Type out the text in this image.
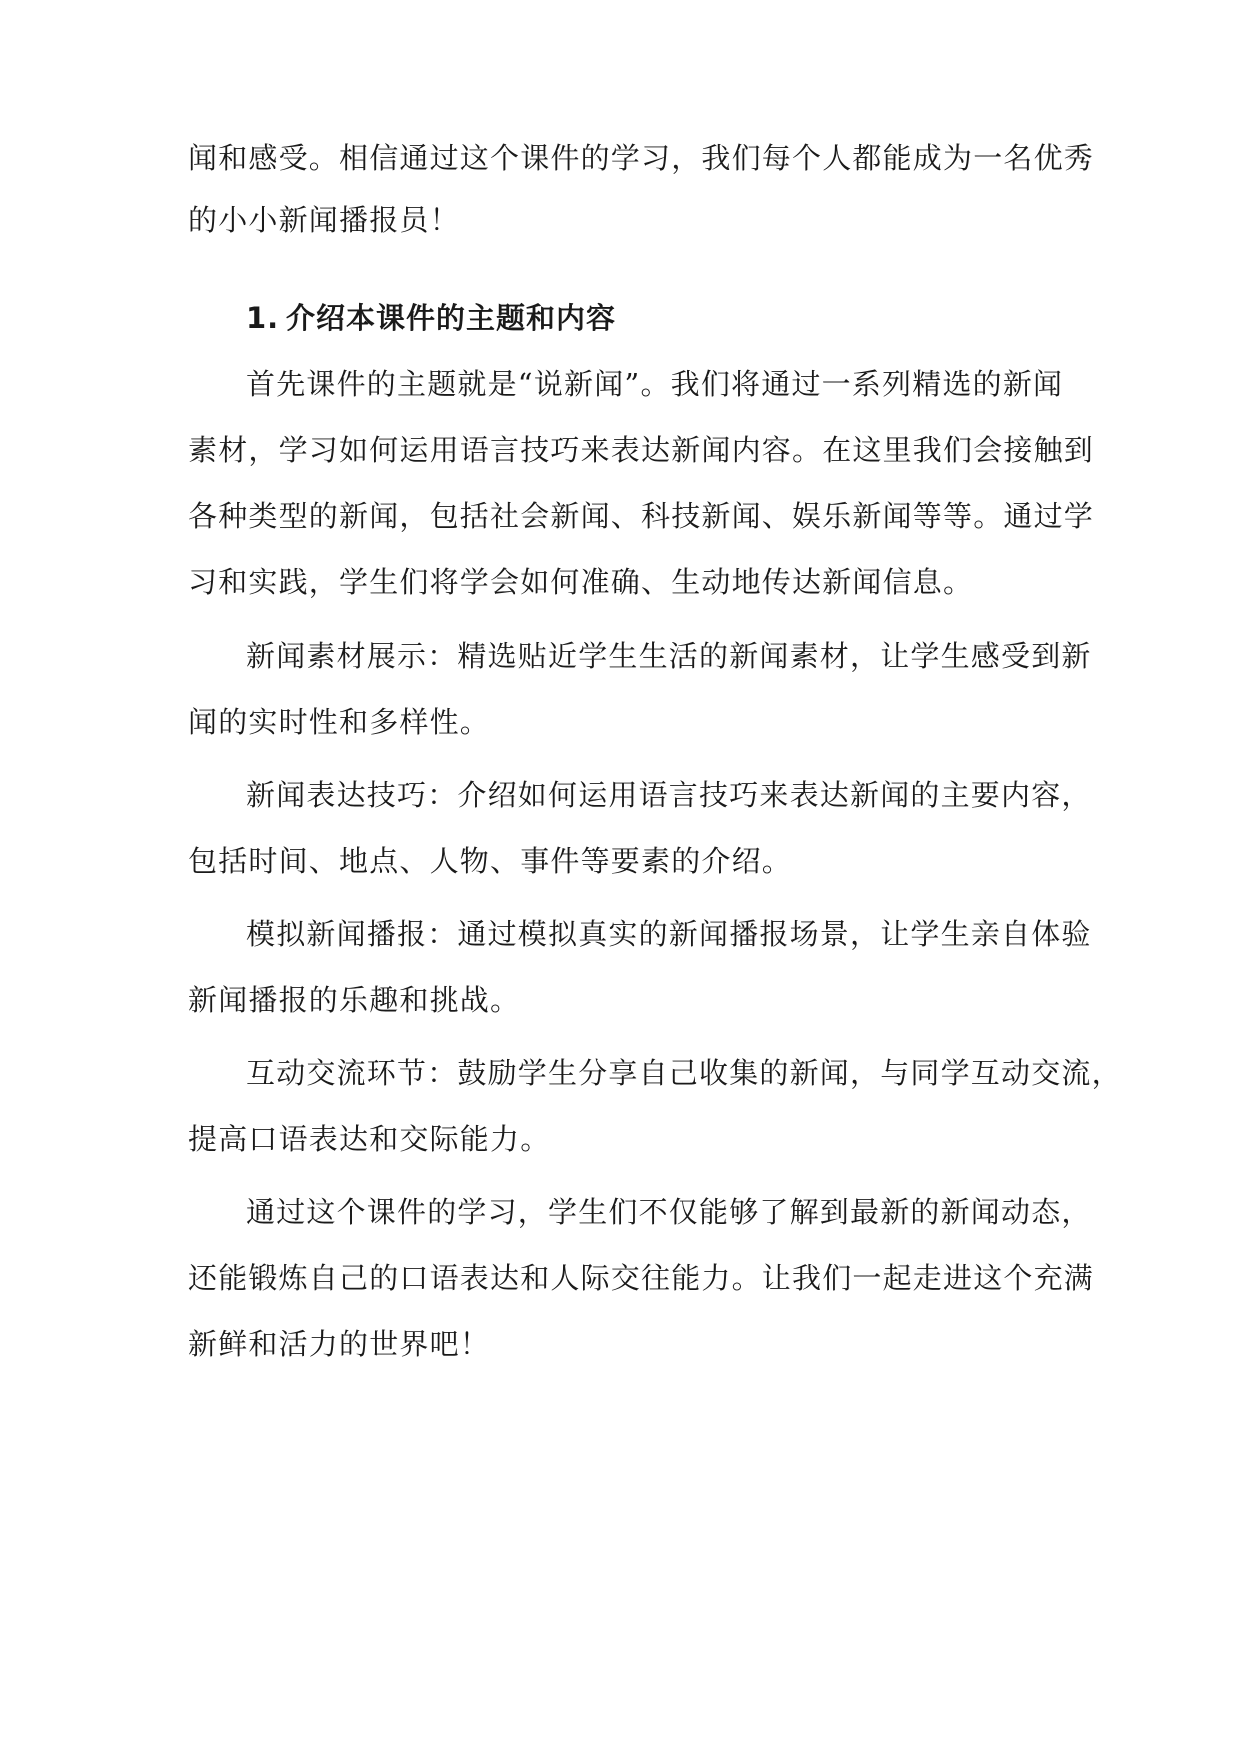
闻和感受。相信通过这个课件的学习，我们每个人都能成为一名优秀
的小小新闻播报员！
1. 介绍本课件的主题和内容
首先课件的主题就是“说新闻”。我们将通过一系列精选的新闻
素材，学习如何运用语言技巧来表达新闻内容。在这里我们会接触到
各种类型的新闻，包括社会新闻、科技新闻、娱乐新闻等等。通过学
习和实践，学生们将学会如何准确、生动地传达新闻信息。
新闻素材展示：精选贴近学生生活的新闻素材，让学生感受到新
闻的实时性和多样性。
新闻表达技巧：介绍如何运用语言技巧来表达新闻的主要内容，
包括时间、地点、人物、事件等要素的介绍。
模拟新闻播报：通过模拟真实的新闻播报场景，让学生亲自体验
新闻播报的乐趣和挑战。
互动交流环节：鼓励学生分享自己收集的新闻，与同学互动交流，
提高口语表达和交际能力。
通过这个课件的学习，学生们不仅能够了解到最新的新闻动态，
还能锻炼自己的口语表达和人际交往能力。让我们一起走进这个充满
新鲜和活力的世界吧！
